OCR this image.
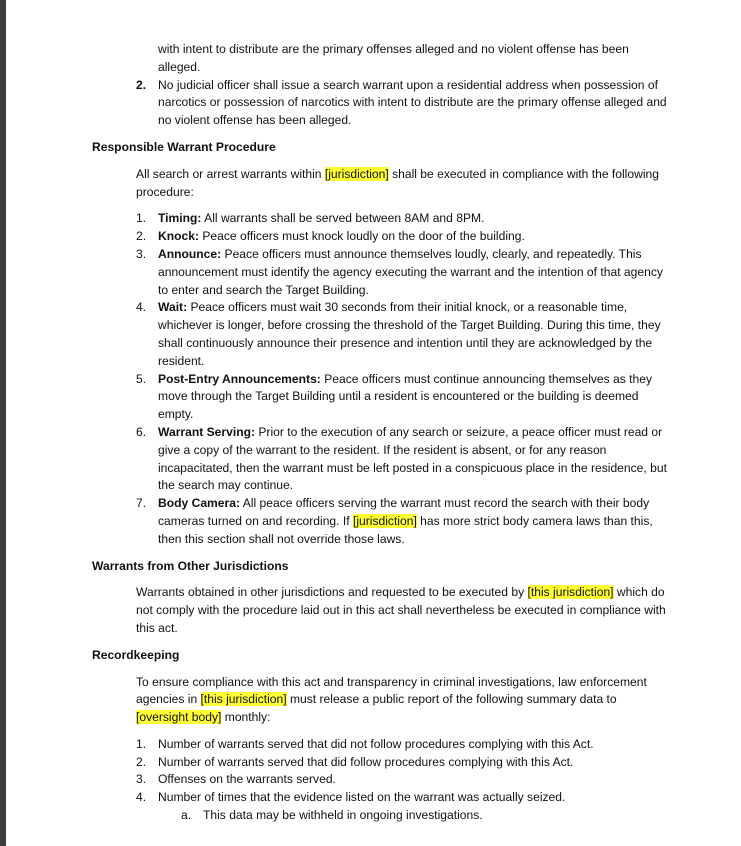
with intent to distribute are the primary offenses alleged and no violent offense has been alleged.

2. No judicial officer shall issue a search warrant upon a residential address when possession of narcotics or possession of narcotics with intent to distribute are the primary offense alleged and no violent offense has been alleged.

Responsible Warrant Procedure

All search or arrest warrants within [jurisdiction] shall be executed in compliance with the following procedure:

1. Timing: All warrants shall be served between 8AM and 8PM.
2. Knock: Peace officers must knock loudly on the door of the building.
3. Announce: Peace officers must announce themselves loudly, clearly, and repeatedly. This announcement must identify the agency executing the warrant and the intention of that agency to enter and search the Target Building.
4. Wait: Peace officers must wait 30 seconds from their initial knock, or a reasonable time, whichever is longer, before crossing the threshold of the Target Building. During this time, they shall continuously announce their presence and intention until they are acknowledged by the resident.
5. Post-Entry Announcements: Peace officers must continue announcing themselves as they move through the Target Building until a resident is encountered or the building is deemed empty.
6. Warrant Serving: Prior to the execution of any search or seizure, a peace officer must read or give a copy of the warrant to the resident. If the resident is absent, or for any reason incapacitated, then the warrant must be left posted in a conspicuous place in the residence, but the search may continue.
7. Body Camera: All peace officers serving the warrant must record the search with their body cameras turned on and recording. If [jurisdiction] has more strict body camera laws than this, then this section shall not override those laws.

Warrants from Other Jurisdictions

Warrants obtained in other jurisdictions and requested to be executed by [this jurisdiction] which do not comply with the procedure laid out in this act shall nevertheless be executed in compliance with this act.

Recordkeeping

To ensure compliance with this act and transparency in criminal investigations, law enforcement agencies in [this jurisdiction] must release a public report of the following summary data to [oversight body] monthly:

1. Number of warrants served that did not follow procedures complying with this Act.
2. Number of warrants served that did follow procedures complying with this Act.
3. Offenses on the warrants served.
4. Number of times that the evidence listed on the warrant was actually seized.
a. This data may be withheld in ongoing investigations.
